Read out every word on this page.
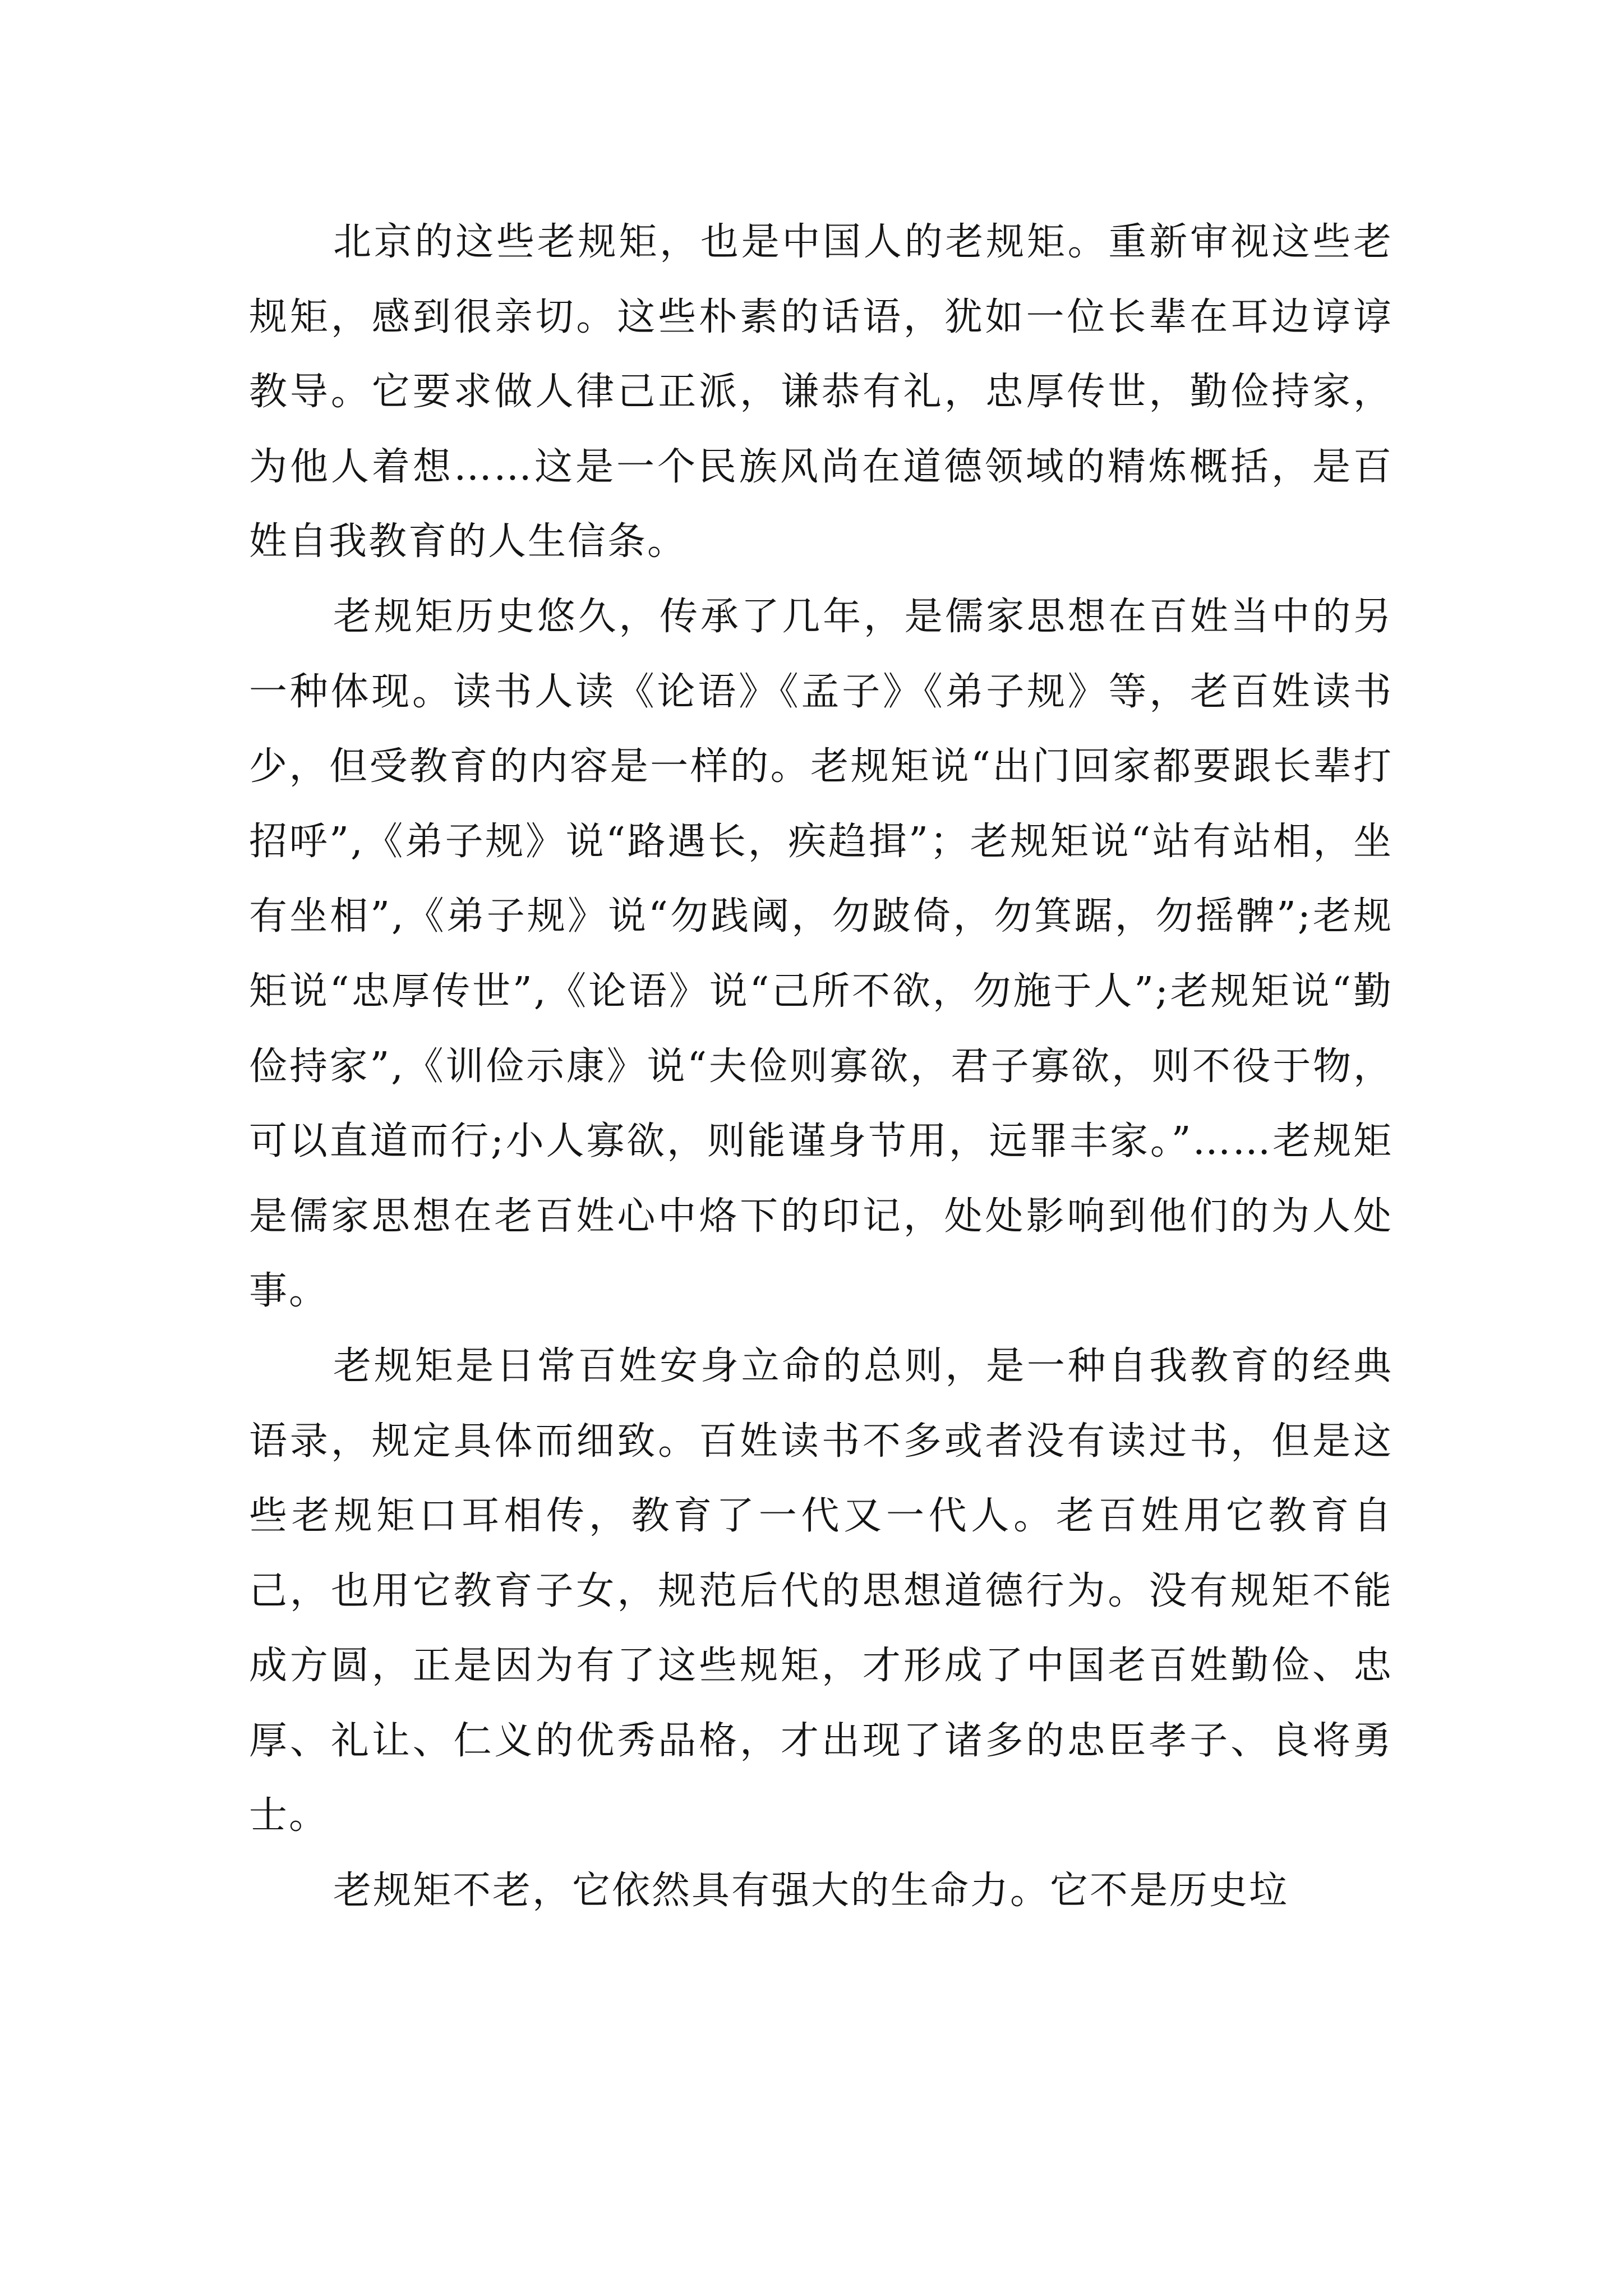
北京的这些老规矩，也是中国人的老规矩。重新审视这些老规矩，感到很亲切。这些朴素的话语，犹如一位长辈在耳边谆谆教导。它要求做人律己正派，谦恭有礼，忠厚传世，勤俭持家，为他人着想……这是一个民族风尚在道德领域的精炼概括，是百姓自我教育的人生信条。

老规矩历史悠久，传承了几年，是儒家思想在百姓当中的另一种体现。读书人读《论语》《孟子》《弟子规》等，老百姓读书少，但受教育的内容是一样的。老规矩说“出门回家都要跟长辈打招呼”,《弟子规》说“路遇长，疾趋揖”；老规矩说“站有站相，坐有坐相”,《弟子规》说“勿践阈，勿跛倚，勿箕踞，勿摇髀”;老规矩说“忠厚传世”,《论语》说“己所不欲，勿施于人”;老规矩说“勤俭持家”,《训俭示康》说“夫俭则寡欲，君子寡欲，则不役于物，可以直道而行;小人寡欲，则能谨身节用，远罪丰家。”……老规矩是儒家思想在老百姓心中烙下的印记，处处影响到他们的为人处事。

老规矩是日常百姓安身立命的总则，是一种自我教育的经典语录，规定具体而细致。百姓读书不多或者没有读过书，但是这些老规矩口耳相传，教育了一代又一代人。老百姓用它教育自己，也用它教育子女，规范后代的思想道德行为。没有规矩不能成方圆，正是因为有了这些规矩，才形成了中国老百姓勤俭、忠厚、礼让、仁义的优秀品格，才出现了诸多的忠臣孝子、良将勇士。

老规矩不老，它依然具有强大的生命力。它不是历史垃
